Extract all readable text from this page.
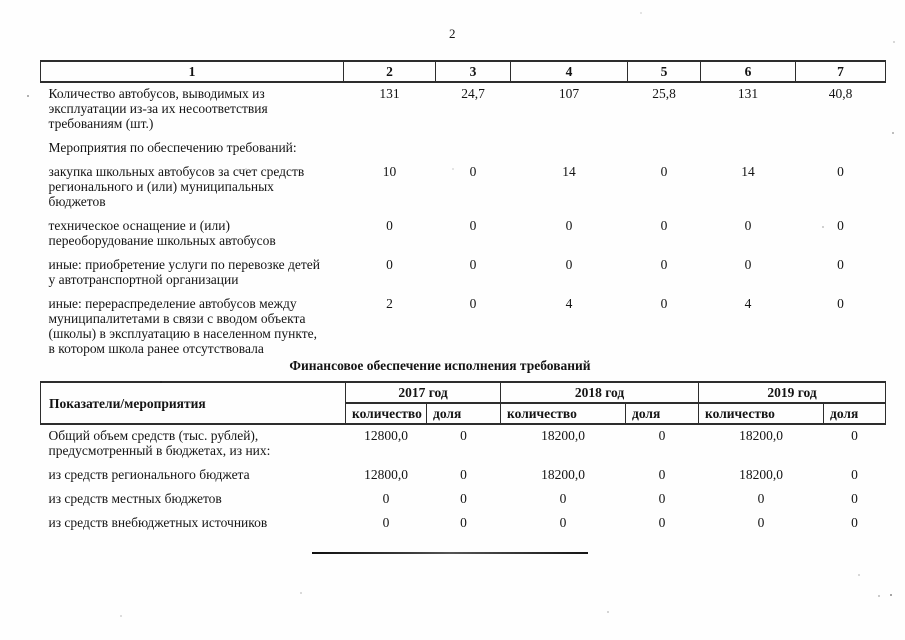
2
1	2	3	4	5	6	7
Количество автобусов, выводимых из эксплуатации из-за их несоответствия требованиям (шт.)	131	24,7	107	25,8	131	40,8
Мероприятия по обеспечению требований:						
закупка школьных автобусов за счет средств регионального и (или) муниципальных бюджетов	10	0	14	0	14	0
техническое оснащение и (или) переоборудование школьных автобусов	0	0	0	0	0	0
иные: приобретение услуги по перевозке детей у автотранспортной организации	0	0	0	0	0	0
иные: перераспределение автобусов между муниципалитетами в связи с вводом объекта (школы) в эксплуатацию в населенном пункте, в котором школа ранее отсутствовала	2	0	4	0	4	0
Финансовое обеспечение исполнения требований
Показатели/мероприятия	2017 год		2018 год		2019 год	
	количество	доля	количество	доля	количество	доля
Общий объем средств (тыс. рублей), предусмотренный в бюджетах, из них:	12800,0	0	18200,0	0	18200,0	0
из средств регионального бюджета	12800,0	0	18200,0	0	18200,0	0
из средств местных бюджетов	0	0	0	0	0	0
из средств внебюджетных источников	0	0	0	0	0	0
